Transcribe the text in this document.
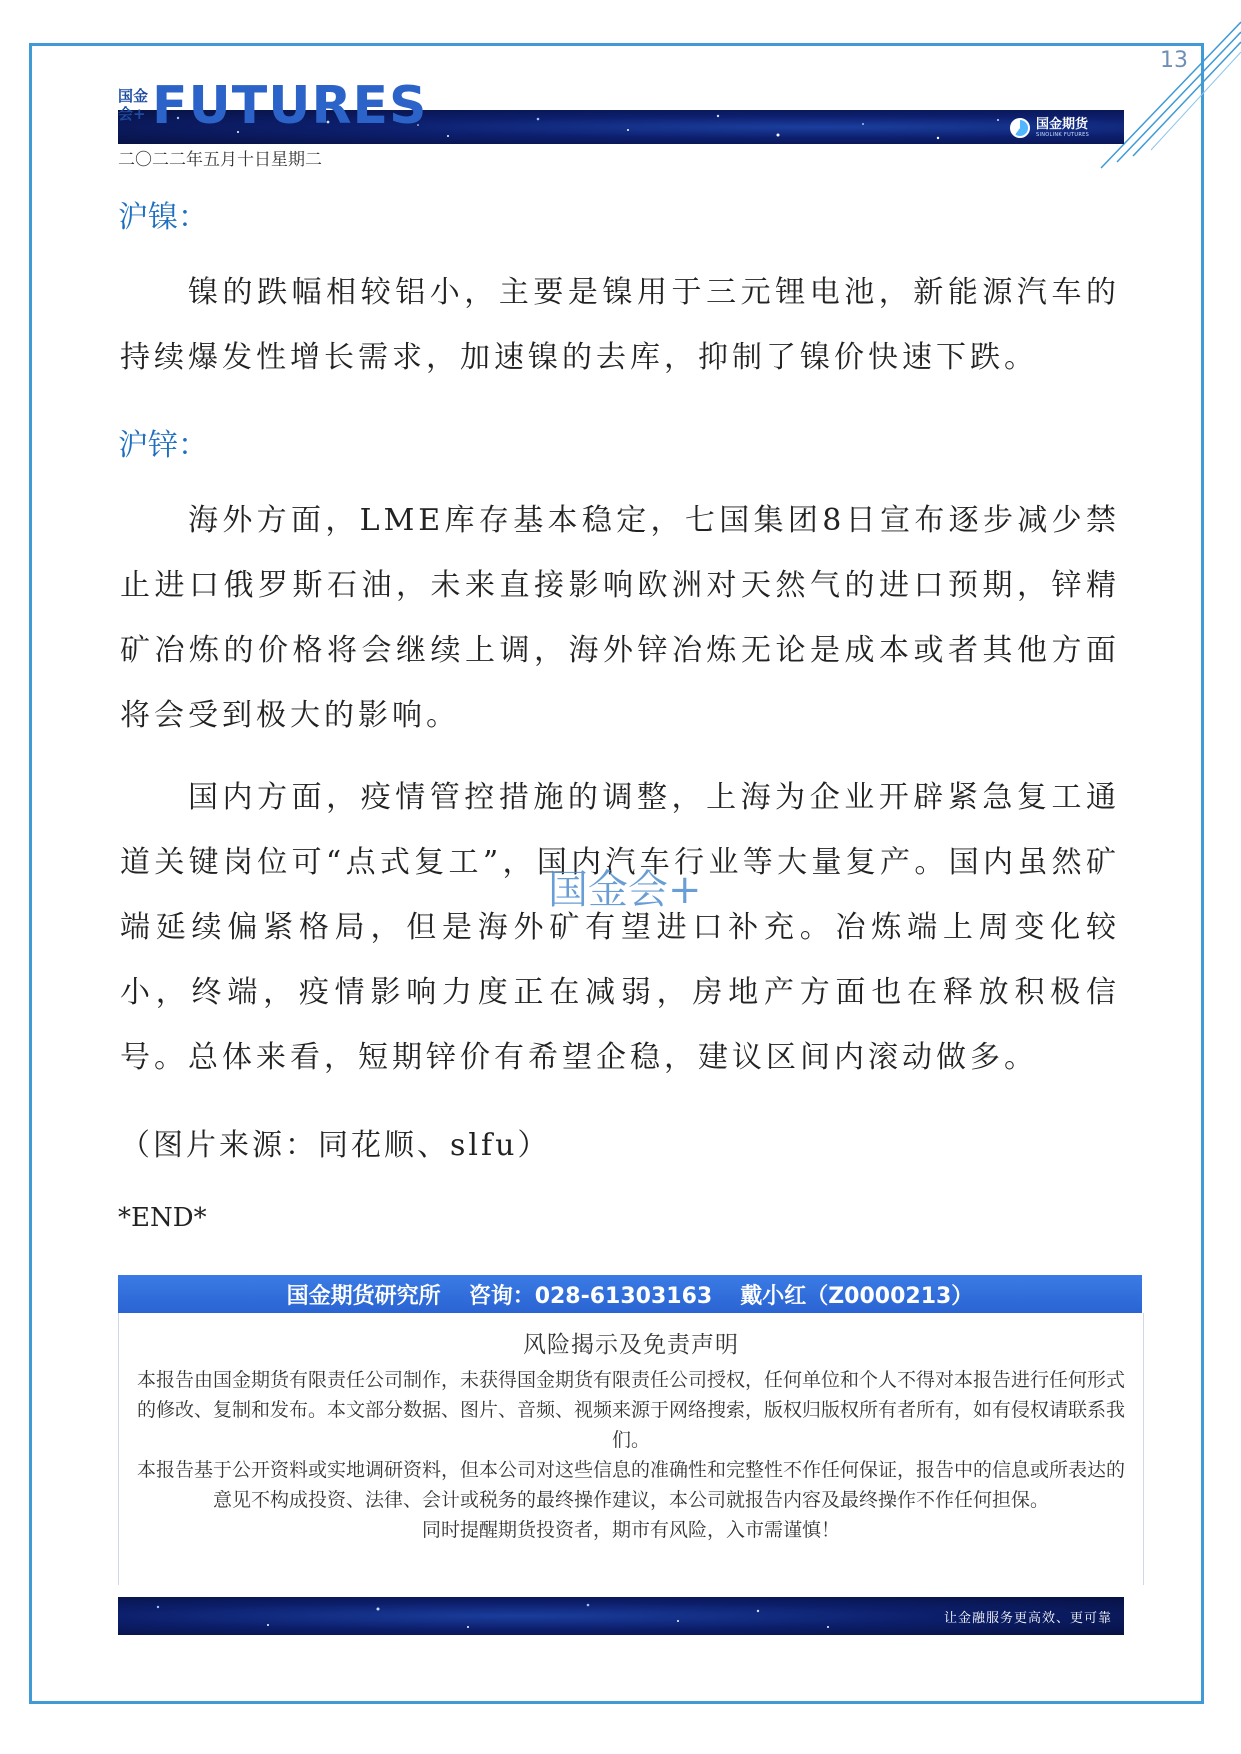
13
国金会+ FUTURES	国金期货
SINOLINK FUTURES
二〇二二年五月十日星期二
沪镍：

镍的跌幅相较铝小，主要是镍用于三元锂电池，新能源汽车的持续爆发性增长需求，加速镍的去库，抑制了镍价快速下跌。

沪锌：

海外方面，LME库存基本稳定，七国集团8日宣布逐步减少禁止进口俄罗斯石油，未来直接影响欧洲对天然气的进口预期，锌精矿冶炼的价格将会继续上调，海外锌冶炼无论是成本或者其他方面将会受到极大的影响。

国内方面，疫情管控措施的调整，上海为企业开辟紧急复工通道关键岗位可“点式复工”，国内汽车行业等大量复产。国内虽然矿端延续偏紧格局，但是海外矿有望进口补充。冶炼端上周变化较小，终端，疫情影响力度正在减弱，房地产方面也在释放积极信号。总体来看，短期锌价有希望企稳，建议区间内滚动做多。

国金会+
（图片来源：同花顺、slfu）
*END*
国金期货研究所 咨询：028-61303163 戴小红（Z0000213）
风险揭示及免责声明

本报告由国金期货有限责任公司制作，未获得国金期货有限责任公司授权，任何单位和个人不得对本报告进行任何形式的修改、复制和发布。本文部分数据、图片、音频、视频来源于网络搜索，版权归版权所有者所有，如有侵权请联系我们。

本报告基于公开资料或实地调研资料，但本公司对这些信息的准确性和完整性不作任何保证，报告中的信息或所表达的意见不构成投资、法律、会计或税务的最终操作建议，本公司就报告内容及最终操作不作任何担保。

同时提醒期货投资者，期市有风险，入市需谨慎！

让金融服务更高效、更可靠
